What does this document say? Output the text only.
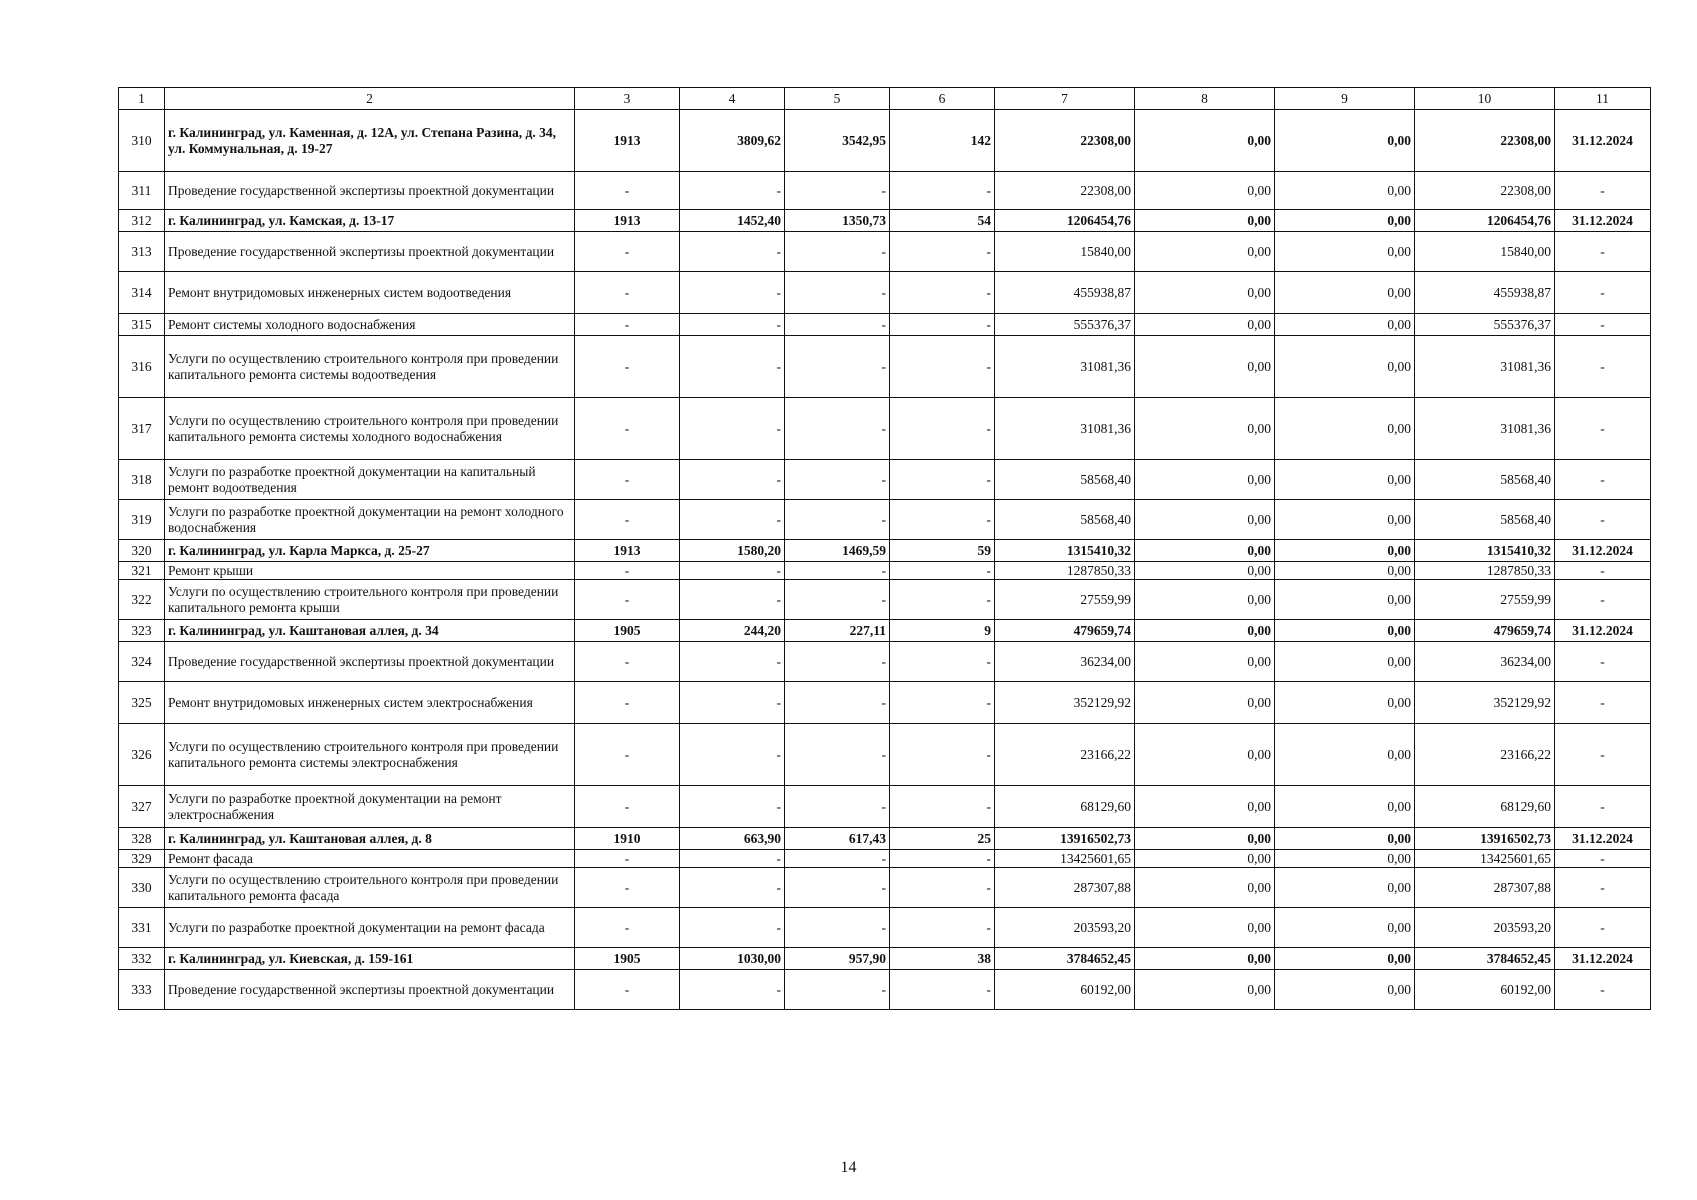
1	2	3	4	5	6	7	8	9	10	11
310	г. Калининград, ул. Каменная, д. 12А, ул. Степана Разина, д. 34, ул. Коммунальная, д. 19-27	1913	3809,62	3542,95	142	22308,00	0,00	0,00	22308,00	31.12.2024
311	Проведение государственной экспертизы проектной документации	-	-	-	-	22308,00	0,00	0,00	22308,00	-
312	г. Калининград, ул. Камская, д. 13-17	1913	1452,40	1350,73	54	1206454,76	0,00	0,00	1206454,76	31.12.2024
313	Проведение государственной экспертизы проектной документации	-	-	-	-	15840,00	0,00	0,00	15840,00	-
314	Ремонт внутридомовых инженерных систем водоотведения	-	-	-	-	455938,87	0,00	0,00	455938,87	-
315	Ремонт системы холодного водоснабжения	-	-	-	-	555376,37	0,00	0,00	555376,37	-
316	Услуги по осуществлению строительного контроля при проведении капитального ремонта системы водоотведения	-	-	-	-	31081,36	0,00	0,00	31081,36	-
317	Услуги по осуществлению строительного контроля при проведении капитального ремонта системы холодного водоснабжения	-	-	-	-	31081,36	0,00	0,00	31081,36	-
318	Услуги по разработке проектной документации на капитальный ремонт водоотведения	-	-	-	-	58568,40	0,00	0,00	58568,40	-
319	Услуги по разработке проектной документации на ремонт холодного водоснабжения	-	-	-	-	58568,40	0,00	0,00	58568,40	-
320	г. Калининград, ул. Карла Маркса, д. 25-27	1913	1580,20	1469,59	59	1315410,32	0,00	0,00	1315410,32	31.12.2024
321	Ремонт крыши	-	-	-	-	1287850,33	0,00	0,00	1287850,33	-
322	Услуги по осуществлению строительного контроля при проведении капитального ремонта крыши	-	-	-	-	27559,99	0,00	0,00	27559,99	-
323	г. Калининград, ул. Каштановая аллея, д. 34	1905	244,20	227,11	9	479659,74	0,00	0,00	479659,74	31.12.2024
324	Проведение государственной экспертизы проектной документации	-	-	-	-	36234,00	0,00	0,00	36234,00	-
325	Ремонт внутридомовых инженерных систем электроснабжения	-	-	-	-	352129,92	0,00	0,00	352129,92	-
326	Услуги по осуществлению строительного контроля при проведении капитального ремонта системы электроснабжения	-	-	-	-	23166,22	0,00	0,00	23166,22	-
327	Услуги по разработке проектной документации на ремонт электроснабжения	-	-	-	-	68129,60	0,00	0,00	68129,60	-
328	г. Калининград, ул. Каштановая аллея, д. 8	1910	663,90	617,43	25	13916502,73	0,00	0,00	13916502,73	31.12.2024
329	Ремонт фасада	-	-	-	-	13425601,65	0,00	0,00	13425601,65	-
330	Услуги по осуществлению строительного контроля при проведении капитального ремонта фасада	-	-	-	-	287307,88	0,00	0,00	287307,88	-
331	Услуги по разработке проектной документации на ремонт фасада	-	-	-	-	203593,20	0,00	0,00	203593,20	-
332	г. Калининград, ул. Киевская, д. 159-161	1905	1030,00	957,90	38	3784652,45	0,00	0,00	3784652,45	31.12.2024
333	Проведение государственной экспертизы проектной документации	-	-	-	-	60192,00	0,00	0,00	60192,00	-
14
